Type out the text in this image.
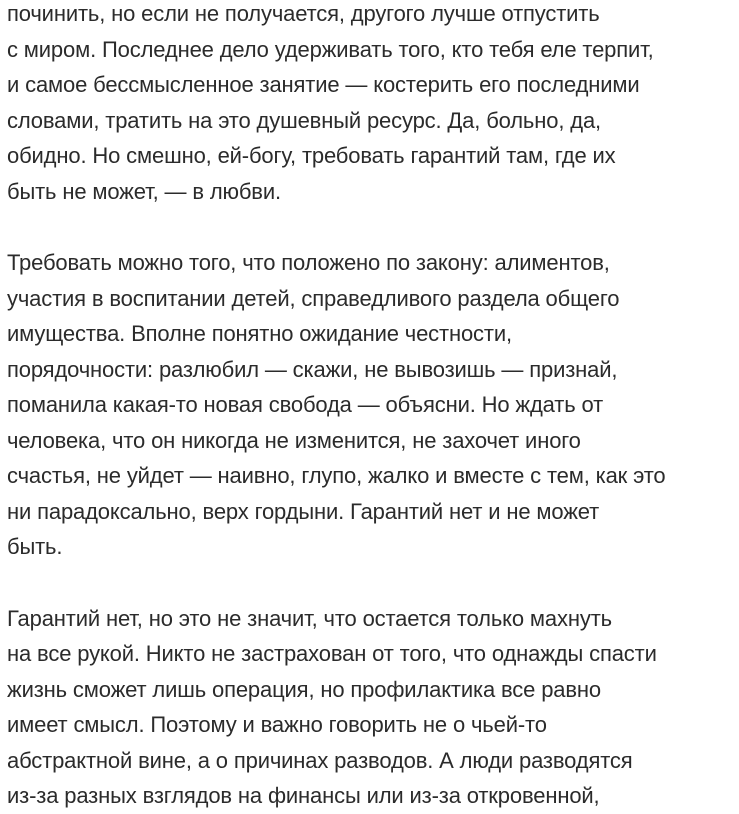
починить, но если не получается, другого лучше отпустить
с миром. Последнее дело удерживать того, кто тебя еле терпит,
и самое бессмысленное занятие — костерить его последними
словами, тратить на это душевный ресурс. Да, больно, да,
обидно. Но смешно, ей-богу, требовать гарантий там, где их
быть не может, — в любви.

Требовать можно того, что положено по закону: алиментов,
участия в воспитании детей, справедливого раздела общего
имущества. Вполне понятно ожидание честности,
порядочности: разлюбил — скажи, не вывозишь — признай,
поманила какая-то новая свобода — объясни. Но ждать от
человека, что он никогда не изменится, не захочет иного
счастья, не уйдет — наивно, глупо, жалко и вместе с тем, как это
ни парадоксально, верх гордыни. Гарантий нет и не может
быть.

Гарантий нет, но это не значит, что остается только махнуть
на все рукой. Никто не застрахован от того, что однажды спасти
жизнь сможет лишь операция, но профилактика все равно
имеет смысл. Поэтому и важно говорить не о чьей-то
абстрактной вине, а о причинах разводов. А люди разводятся
из-за разных взглядов на финансы или из-за откровенной,
